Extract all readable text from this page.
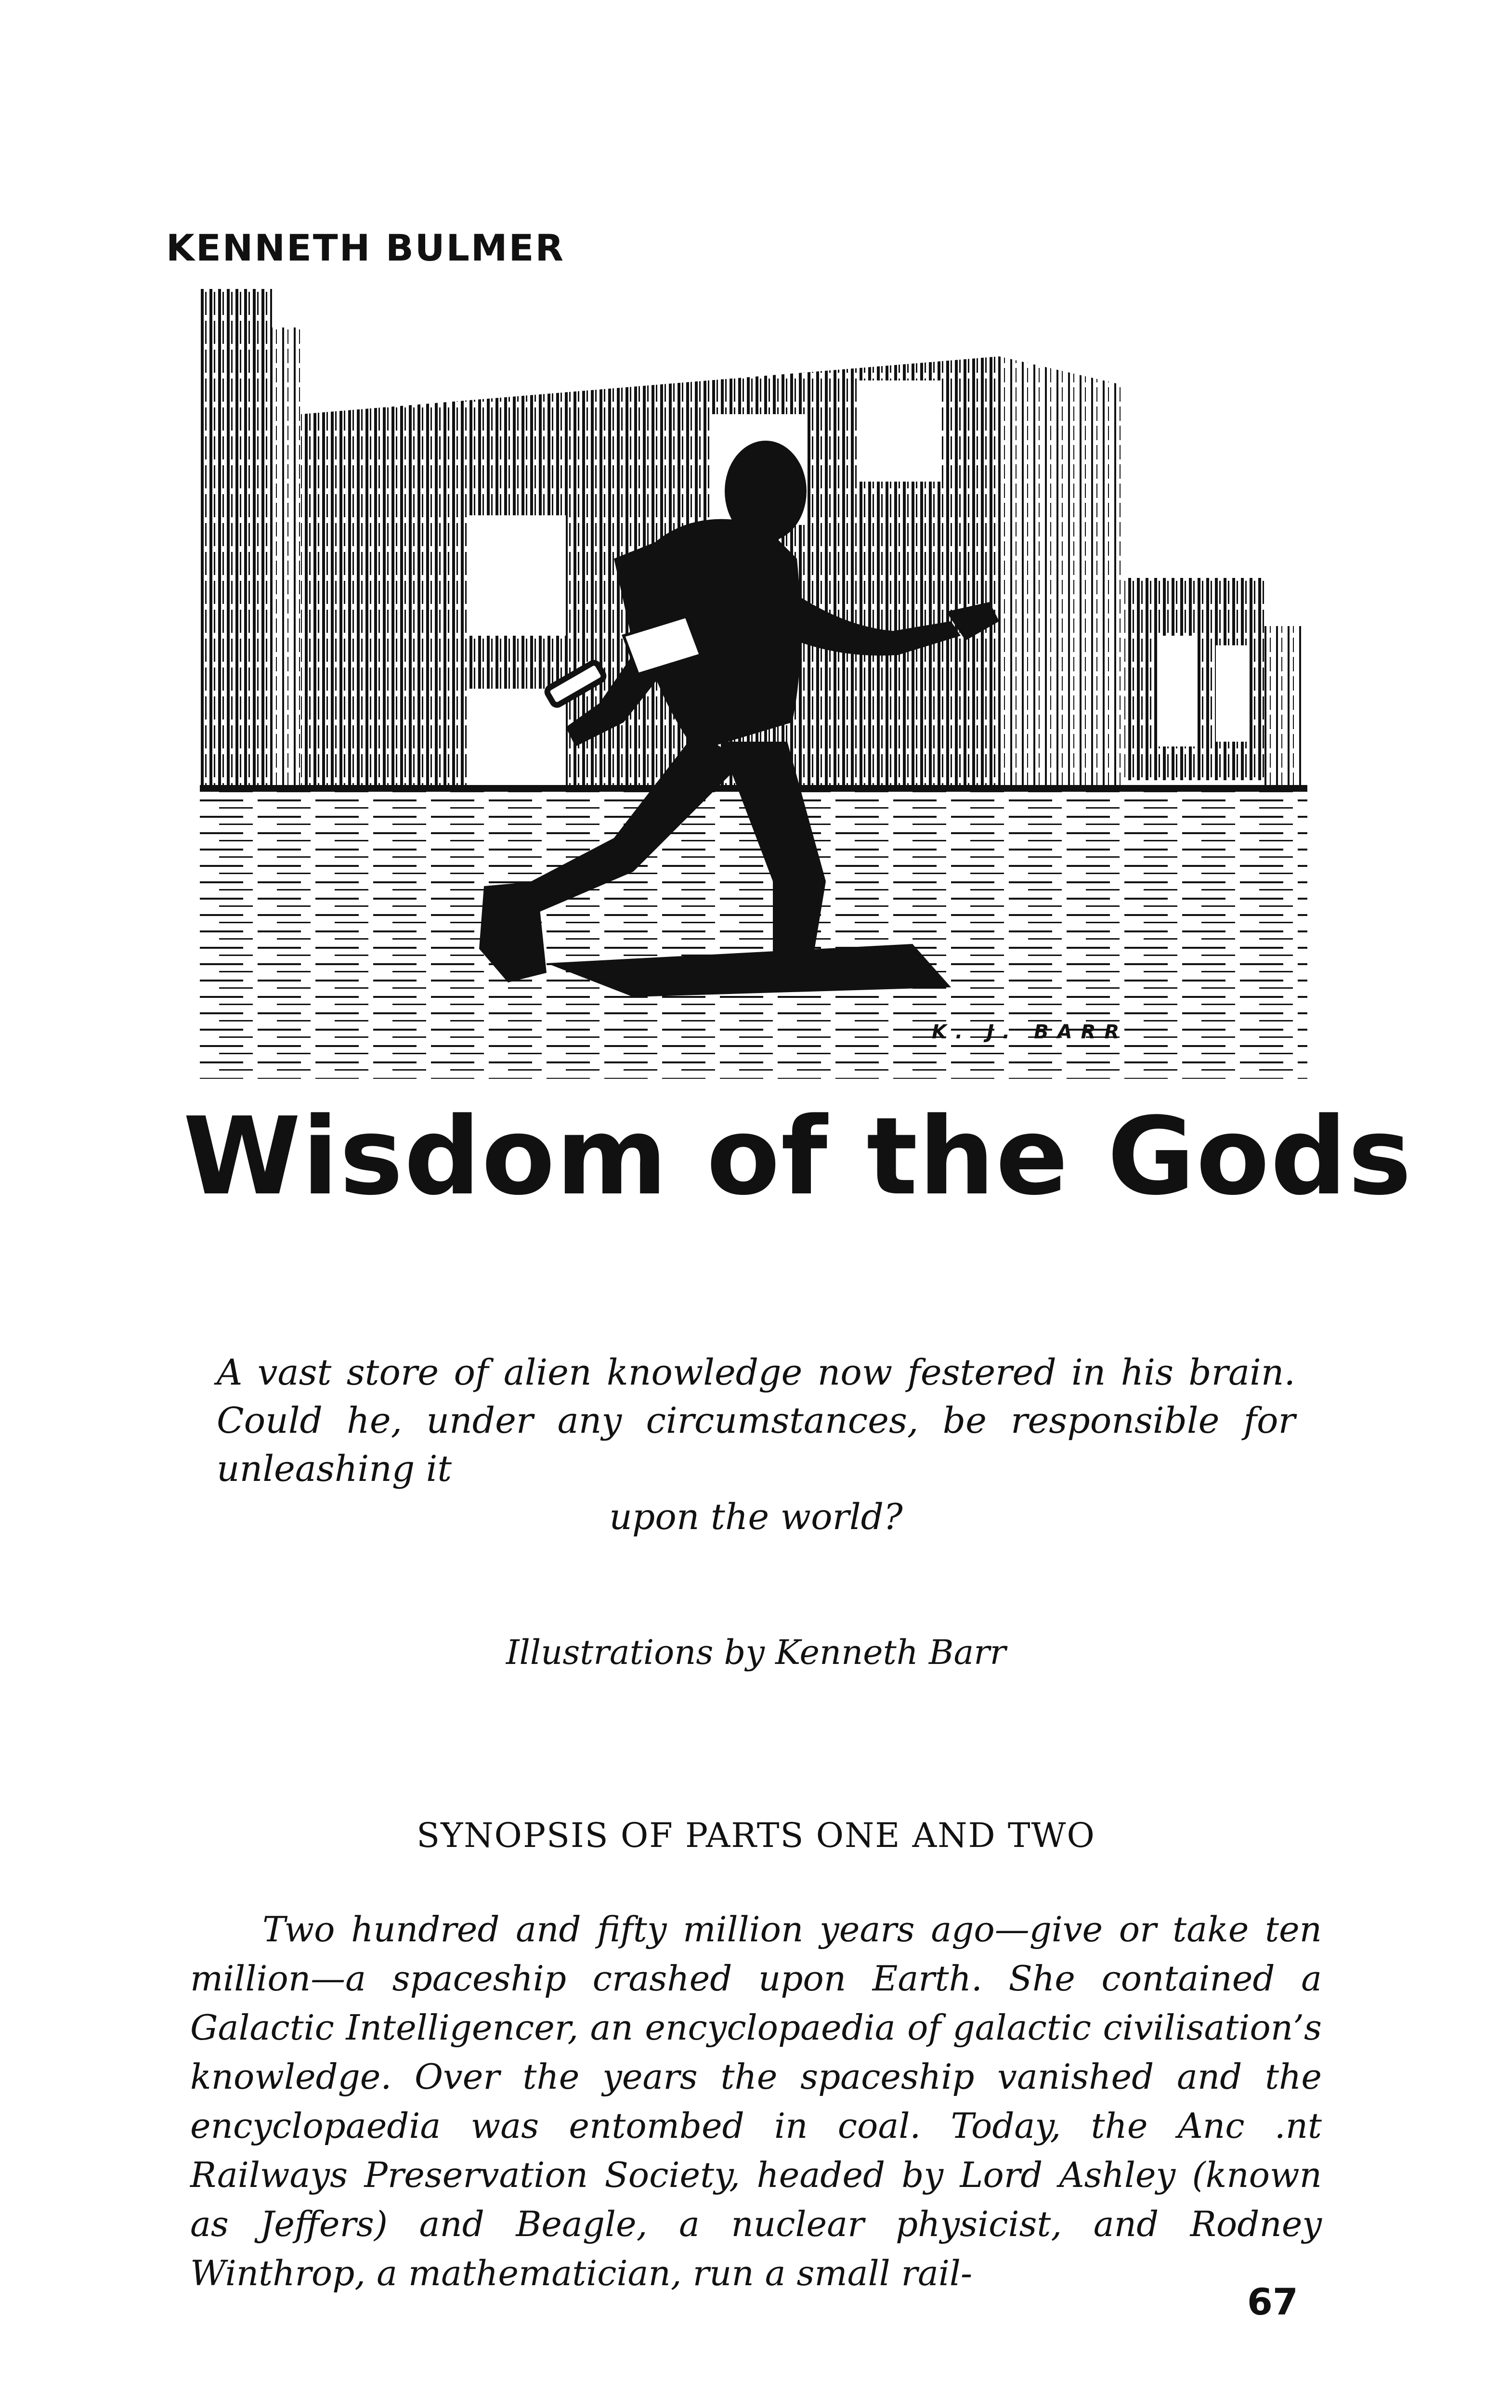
KENNETH BULMER
K. J. BARR
Wisdom of the Gods

A vast store of alien knowledge now festered in his brain. Could he, under any circumstances, be responsible for unleashing it
upon the world?

Illustrations by Kenneth Barr

SYNOPSIS OF PARTS ONE AND TWO

Two hundred and fifty million years ago—give or take ten million—a spaceship crashed upon Earth. She contained a Galactic Intelligencer, an encyclopaedia of galactic civilisation’s knowledge. Over the years the spaceship vanished and the encyclopaedia was entombed in coal. Today, the Anc .nt Railways Preservation Society, headed by Lord Ashley (known as Jeffers) and Beagle, a nuclear physicist, and Rodney Winthrop, a mathematician, run a small rail-

67
